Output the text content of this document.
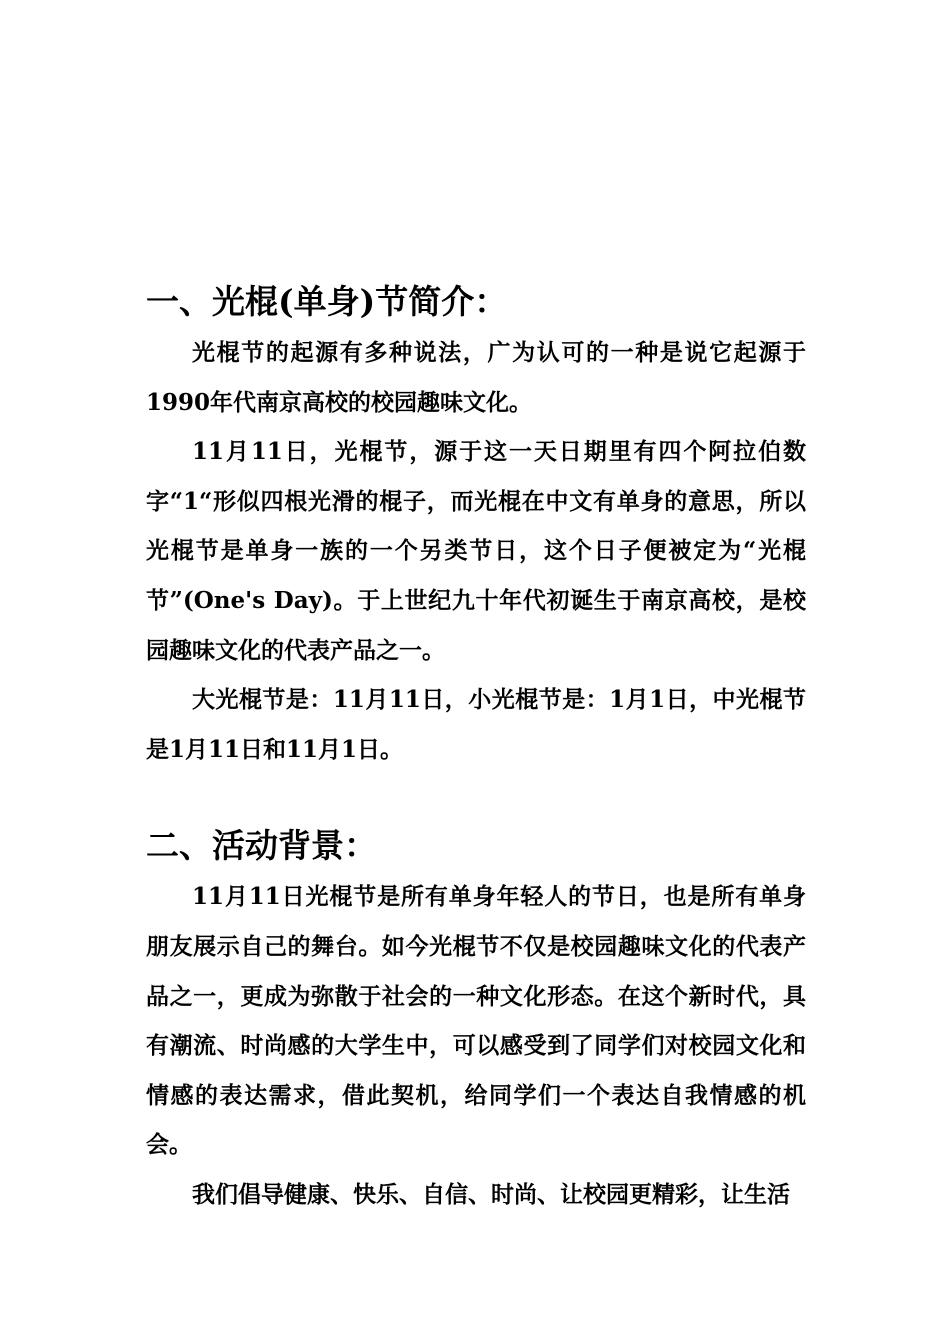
一、光棍(单身)节简介：

光棍节的起源有多种说法，广为认可的一种是说它起源于1990年代南京高校的校园趣味文化。

11月11日，光棍节，源于这一天日期里有四个阿拉伯数字“1“形似四根光滑的棍子，而光棍在中文有单身的意思，所以光棍节是单身一族的一个另类节日，这个日子便被定为“光棍节”(One's Day)。于上世纪九十年代初诞生于南京高校，是校园趣味文化的代表产品之一。

大光棍节是：11月11日，小光棍节是：1月1日，中光棍节是1月11日和11月1日。

二、活动背景：

11月11日光棍节是所有单身年轻人的节日，也是所有单身朋友展示自己的舞台。如今光棍节不仅是校园趣味文化的代表产品之一，更成为弥散于社会的一种文化形态。在这个新时代，具有潮流、时尚感的大学生中，可以感受到了同学们对校园文化和情感的表达需求，借此契机，给同学们一个表达自我情感的机会。

我们倡导健康、快乐、自信、时尚、让校园更精彩，让生活
